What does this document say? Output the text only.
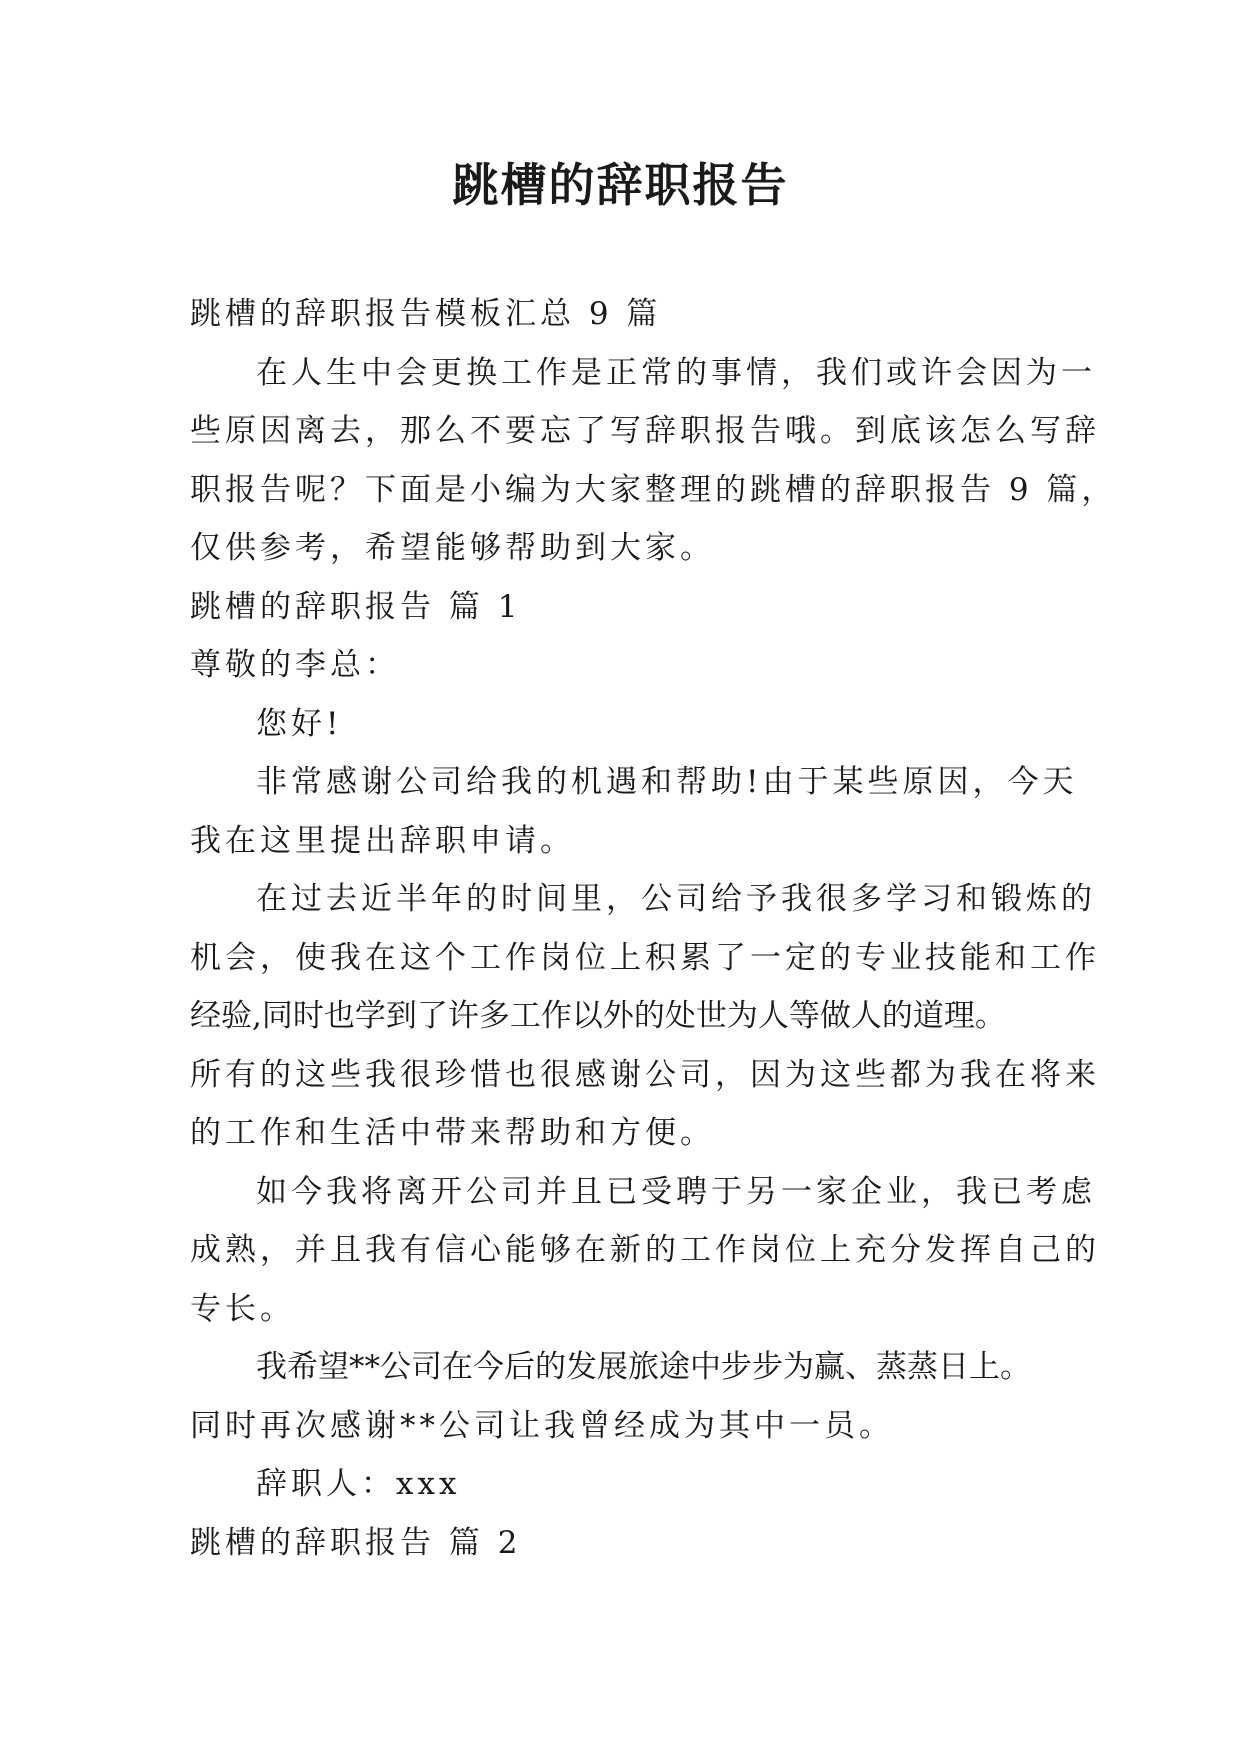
跳槽的辞职报告
跳槽的辞职报告模板汇总 9 篇
在人生中会更换工作是正常的事情，我们或许会因为一
些原因离去，那么不要忘了写辞职报告哦。到底该怎么写辞
职报告呢？下面是小编为大家整理的跳槽的辞职报告 9 篇，
仅供参考，希望能够帮助到大家。
跳槽的辞职报告 篇 1
尊敬的李总：
您好!
非常感谢公司给我的机遇和帮助!由于某些原因，今天
我在这里提出辞职申请。
在过去近半年的时间里，公司给予我很多学习和锻炼的
机会，使我在这个工作岗位上积累了一定的专业技能和工作
经验,同时也学到了许多工作以外的处世为人等做人的道理。
所有的这些我很珍惜也很感谢公司，因为这些都为我在将来
的工作和生活中带来帮助和方便。
如今我将离开公司并且已受聘于另一家企业，我已考虑
成熟，并且我有信心能够在新的工作岗位上充分发挥自己的
专长。
我希望**公司在今后的发展旅途中步步为赢、蒸蒸日上。
同时再次感谢**公司让我曾经成为其中一员。
辞职人：xxx
跳槽的辞职报告 篇 2
